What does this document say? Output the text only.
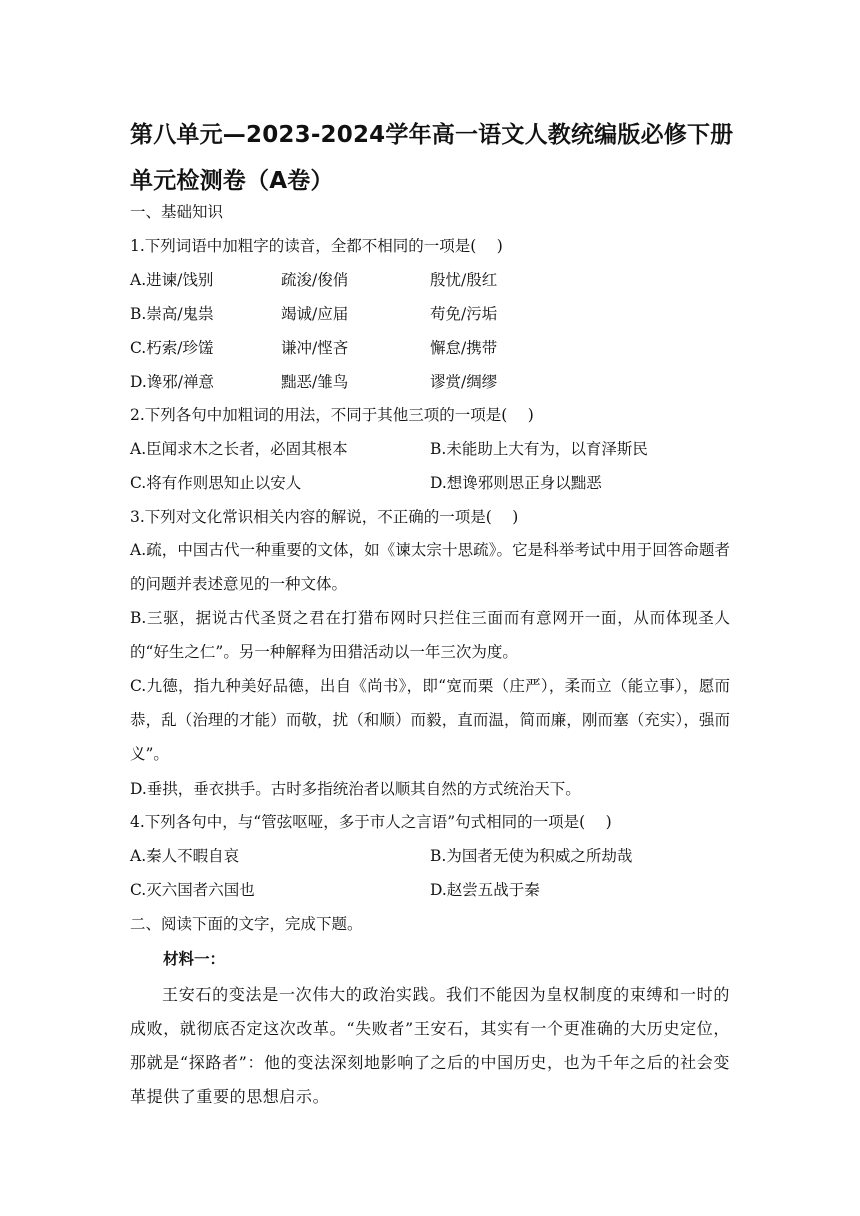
第八单元—2023-2024学年高一语文人教统编版必修下册单元检测卷（A卷）
一、基础知识
1.下列词语中加粗字的读音，全都不相同的一项是(　 )
A.进谏/饯别	疏浚/俊俏	殷忧/殷红
B.崇高/鬼祟	竭诚/应届	苟免/污垢
C.朽索/珍馐	谦冲/悭吝	懈怠/携带
D.谗邪/禅意	黜恶/雏鸟	谬赏/绸缪
2.下列各句中加粗词的用法，不同于其他三项的一项是(　 )
A.臣闻求木之长者，必固其根本	B.未能助上大有为，以育泽斯民
C.将有作则思知止以安人	D.想谗邪则思正身以黜恶
3.下列对文化常识相关内容的解说，不正确的一项是(　 )
A.疏，中国古代一种重要的文体，如《谏太宗十思疏》。它是科举考试中用于回答命题者的问题并表述意见的一种文体。
B.三驱，据说古代圣贤之君在打猎布网时只拦住三面而有意网开一面，从而体现圣人的“好生之仁”。另一种解释为田猎活动以一年三次为度。
C.九德，指九种美好品德，出自《尚书》，即“宽而栗（庄严），柔而立（能立事），愿而恭，乱（治理的才能）而敬，扰（和顺）而毅，直而温，简而廉，刚而塞（充实），强而义”。
D.垂拱，垂衣拱手。古时多指统治者以顺其自然的方式统治天下。
4.下列各句中，与“管弦呕哑，多于市人之言语”句式相同的一项是(　 )
A.秦人不暇自哀	B.为国者无使为积威之所劫哉
C.灭六国者六国也	D.赵尝五战于秦
二、阅读下面的文字，完成下题。
材料一：
王安石的变法是一次伟大的政治实践。我们不能因为皇权制度的束缚和一时的成败，就彻底否定这次改革。“失败者”王安石，其实有一个更准确的大历史定位，那就是“探路者”：他的变法深刻地影响了之后的中国历史，也为千年之后的社会变革提供了重要的思想启示。
